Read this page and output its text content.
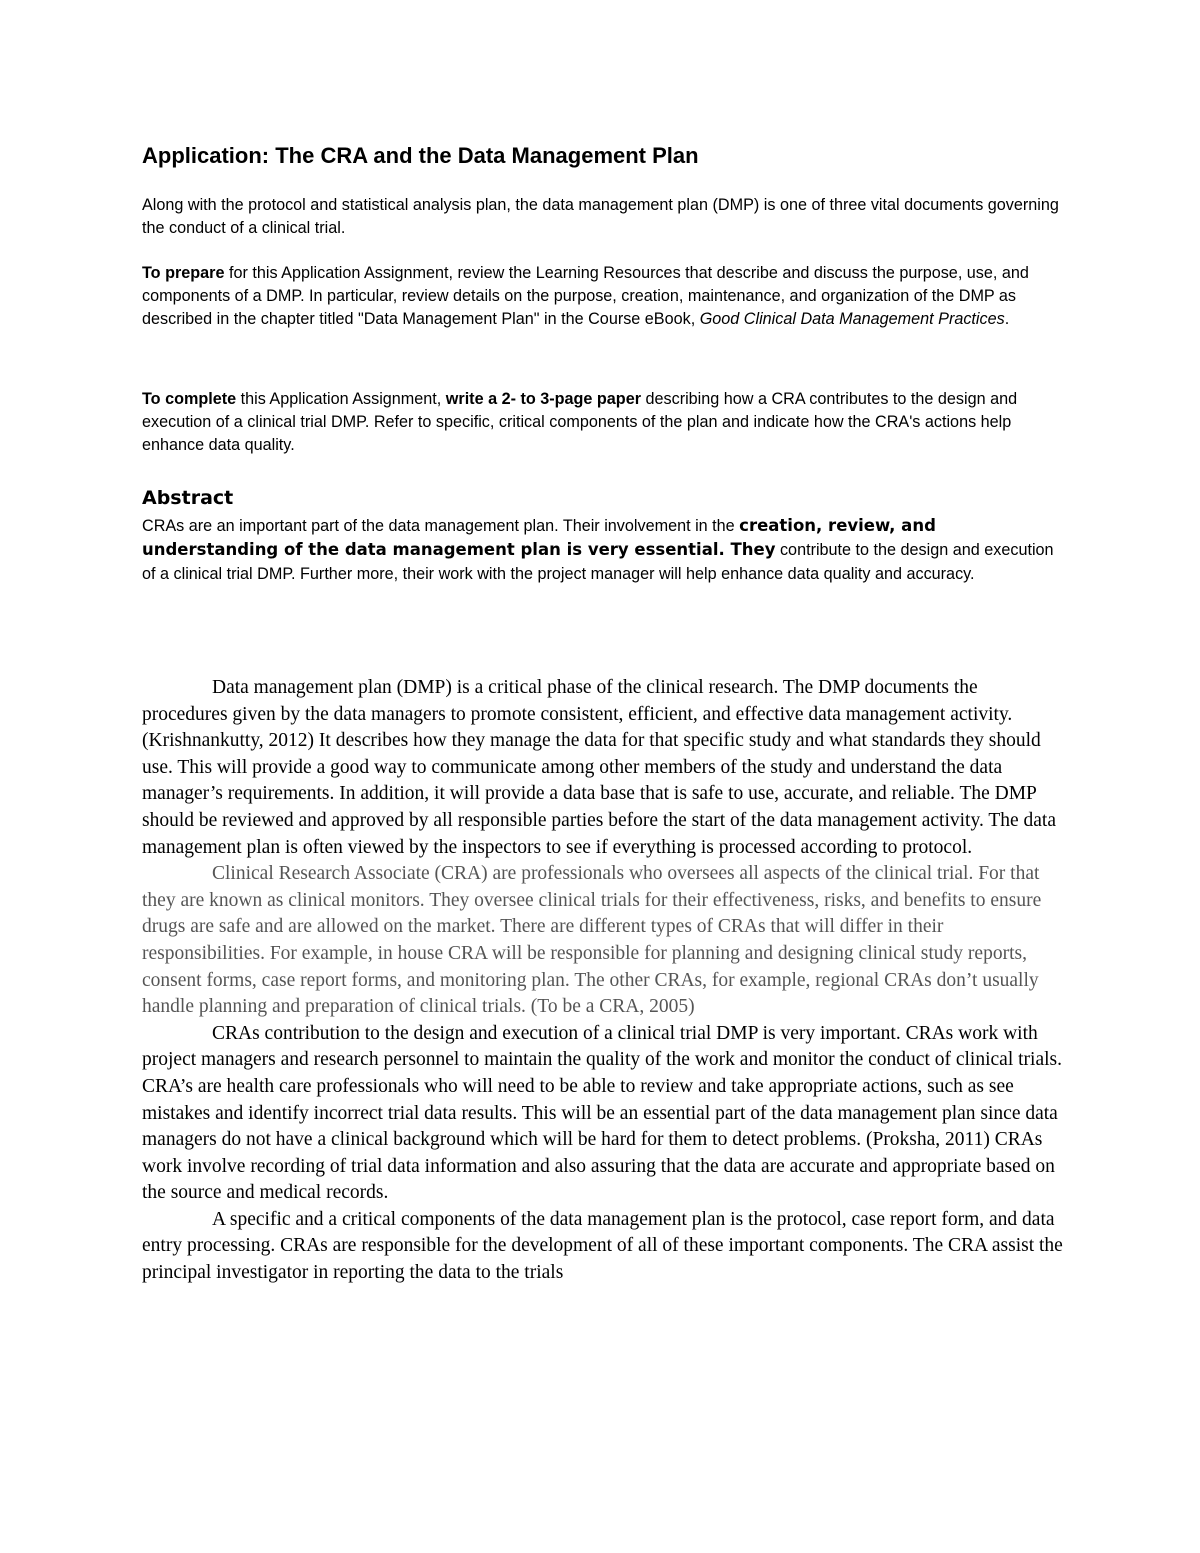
Application: The CRA and the Data Management Plan

Along with the protocol and statistical analysis plan, the data management plan (DMP) is one of three vital documents governing the conduct of a clinical trial.

To prepare for this Application Assignment, review the Learning Resources that describe and discuss the purpose, use, and components of a DMP. In particular, review details on the purpose, creation, maintenance, and organization of the DMP as described in the chapter titled "Data Management Plan" in the Course eBook, Good Clinical Data Management Practices.

To complete this Application Assignment, write a 2- to 3-page paper describing how a CRA contributes to the design and execution of a clinical trial DMP. Refer to specific, critical components of the plan and indicate how the CRA's actions help enhance data quality.

Abstract

CRAs are an important part of the data management plan. Their involvement in the creation, review, and understanding of the data management plan is very essential. They contribute to the design and execution of a clinical trial DMP. Further more, their work with the project manager will help enhance data quality and accuracy.

Data management plan (DMP) is a critical phase of the clinical research. The DMP documents the procedures given by the data managers to promote consistent, efficient, and effective data management activity. (Krishnankutty, 2012) It describes how they manage the data for that specific study and what standards they should use. This will provide a good way to communicate among other members of the study and understand the data manager’s requirements. In addition, it will provide a data base that is safe to use, accurate, and reliable. The DMP should be reviewed and approved by all responsible parties before the start of the data management activity. The data management plan is often viewed by the inspectors to see if everything is processed according to protocol.

Clinical Research Associate (CRA) are professionals who oversees all aspects of the clinical trial. For that they are known as clinical monitors. They oversee clinical trials for their effectiveness, risks, and benefits to ensure drugs are safe and are allowed on the market. There are different types of CRAs that will differ in their responsibilities. For example, in house CRA will be responsible for planning and designing clinical study reports, consent forms, case report forms, and monitoring plan. The other CRAs, for example, regional CRAs don’t usually handle planning and preparation of clinical trials. (To be a CRA, 2005)

CRAs contribution to the design and execution of a clinical trial DMP is very important. CRAs work with project managers and research personnel to maintain the quality of the work and monitor the conduct of clinical trials. CRA’s are health care professionals who will need to be able to review and take appropriate actions, such as see mistakes and identify incorrect trial data results. This will be an essential part of the data management plan since data managers do not have a clinical background which will be hard for them to detect problems. (Proksha, 2011) CRAs work involve recording of trial data information and also assuring that the data are accurate and appropriate based on the source and medical records.

A specific and a critical components of the data management plan is the protocol, case report form, and data entry processing. CRAs are responsible for the development of all of these important components. The CRA assist the principal investigator in reporting the data to the trials
